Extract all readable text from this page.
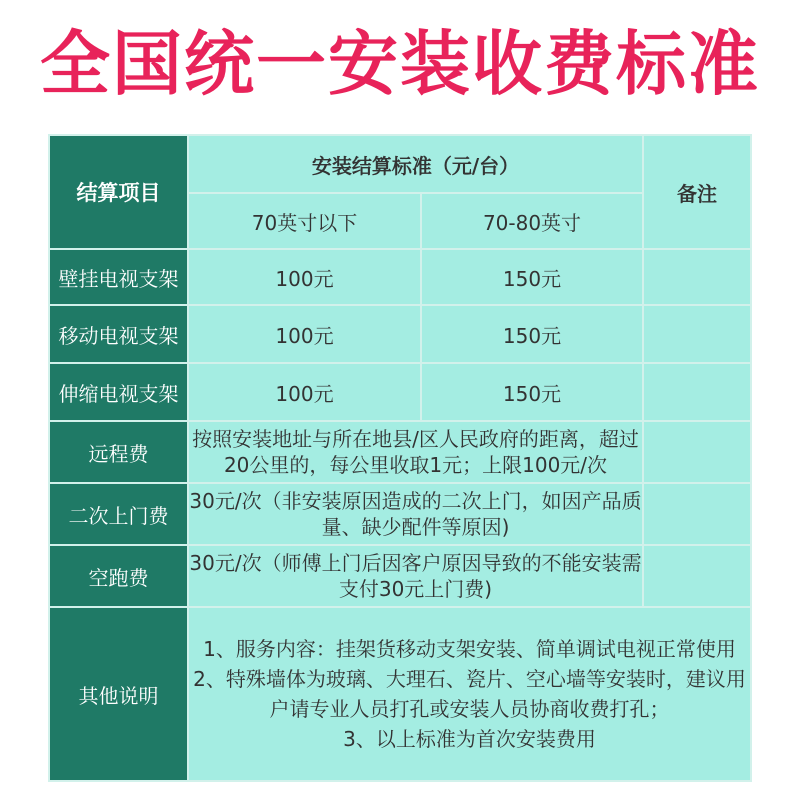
全国统一安装收费标准
结算项目	安装结算标准（元/台）		备注
	70英寸以下	70-80英寸	
壁挂电视支架	100元	150元	
移动电视支架	100元	150元	
伸缩电视支架	100元	150元	
远程费	按照安装地址与所在地县/区人民政府的距离，超过20公里的，每公里收取1元；上限100元/次		
二次上门费	30元/次（非安装原因造成的二次上门，如因产品质量、缺少配件等原因)		
空跑费	30元/次（师傅上门后因客户原因导致的不能安装需支付30元上门费)		
其他说明	1、服务内容：挂架货移动支架安装、简单调试电视正常使用

2、特殊墙体为玻璃、大理石、瓷片、空心墙等安装时，建议用户请专业人员打孔或安装人员协商收费打孔；

3、以上标准为首次安装费用		
